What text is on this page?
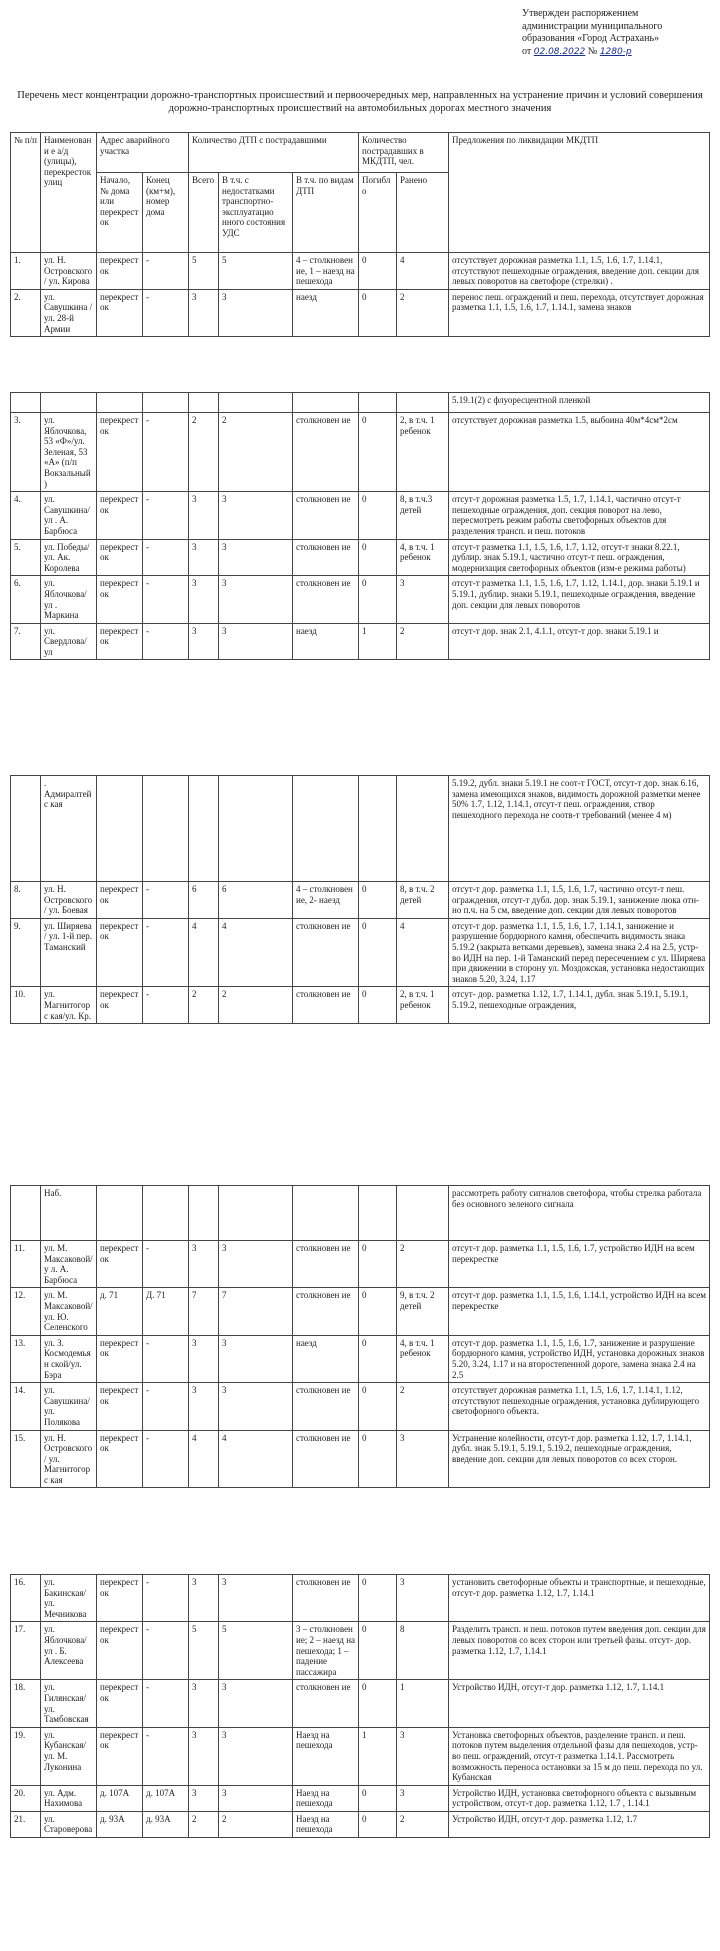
Утвержден распоряжением
администрации муниципального
образования «Город Астрахань»
от 02.08.2022 № 1280-р
Перечень мест концентрации дорожно-транспортных происшествий и первоочередных мер, направленных на устранение причин и условий совершения дорожно-транспортных происшествий на автомобильных дорогах местного значения
№ п/п	Наименовани е а/д (улицы), перекресток улиц	Адрес аварийного участка		Количество ДТП с пострадавшими			Количество пострадавших в МКДТП, чел.		Предложения по ликвидации МКДТП
		Начало, № дома или перекрест ок	Конец (км+м), номер дома	Всего	В т.ч. с недостатками транспортно-эксплуатацио нного состояния УДС	В т.ч. по видам ДТП	Погибло	Ранено	
1.	ул. Н. Островского/ ул. Кирова	перекрест ок	-	5	5	4 – столкновен ие, 1 – наезд на пешехода	0	4	отсутствует дорожная разметка 1.1, 1.5, 1.6, 1.7, 1.14.1, отсутствуют пешеходные ограждения, введение доп. секции для левых поворотов на светофоре (стрелки) .
2.	ул. Савушкина / ул. 28-й Армии	перекрест ок	-	3	3	наезд	0	2	перенос пеш. ограждений и пеш. перехода, отсутствует дорожная разметка 1.1, 1.5, 1.6, 1.7, 1.14.1, замена знаков
									5.19.1(2) с флуоресцентной пленкой
3.	ул. Яблочкова, 53 «Ф»/ул. Зеленая, 53 «А» (п/п Вокзальный)	перекрест ок	-	2	2	столкновен ие	0	2, в т.ч. 1 ребенок	отсутствует дорожная разметка 1.5, выбоина 40м*4см*2см
4.	ул. Савушкина/ул . А. Барбюса	перекрест ок	-	3	3	столкновен ие	0	8, в т.ч.3 детей	отсут-т дорожная разметка 1.5, 1.7, 1.14.1, частично отсут-т пешеходные ограждения, доп. секция поворот на лево, пересмотреть режим работы светофорных объектов для разделения трансп. и пеш. потоков
5.	ул. Победы/ул. Ак. Королева	перекрест ок	-	3	3	столкновен ие	0	4, в т.ч. 1 ребенок	отсут-т разметка 1.1, 1.5, 1.6, 1.7, 1.12, отсут-т знаки 8.22.1, дублир. знак 5.19.1, частично отсут-т пеш. ограждения, модернизация светофорных объектов (изм-е режима работы)
6.	ул. Яблочкова/ул . Маркина	перекрест ок	-	3	3	столкновен ие	0	3	отсут-т разметка 1.1, 1.5, 1.6, 1.7, 1.12, 1.14.1, дор. знаки 5.19.1 и 5.19.1, дублир. знаки 5.19.1, пешеходные ограждения, введение доп. секции для левых поворотов
7.	ул. Свердлова/ул	перекрест ок	-	3	3	наезд	1	2	отсут-т дор. знак 2.1, 4.1.1, отсут-т дор. знаки 5.19.1 и
	. Адмиралтейс кая								5.19.2, дубл. знаки 5.19.1 не соот-т ГОСТ, отсут-т дор. знак 6.16, замена имеющихся знаков, видимость дорожной разметки менее 50% 1.7, 1.12, 1.14.1, отсут-т пеш. ограждения, створ пешеходного перехода не соотв-т требований (менее 4 м)
8.	ул. Н. Островского/ ул. Боевая	перекрест ок	-	6	6	4 – столкновен ие, 2- наезд	0	8, в т.ч. 2 детей	отсут-т дор. разметка 1.1, 1.5, 1.6, 1.7, частично отсут-т пеш. ограждения, отсут-т дубл. дор. знак 5.19.1, занижение люка отн-но п.ч. на 5 см, введение доп. секции для левых поворотов
9.	ул. Ширяева / ул. 1-й пер. Таманский	перекрест ок	-	4	4	столкновен ие	0	4	отсут-т дор. разметка 1.1, 1.5, 1.6, 1.7, 1.14.1, занижение и разрушение бордюрного камня, обеспечить видимость знака 5.19.2 (закрыта ветками деревьев), замена знака 2.4 на 2.5, устр-во ИДН на пер. 1-й Таманский перед пересечением с ул. Ширяева при движении в сторону ул. Моздокская, установка недостающих знаков 5.20, 3.24, 1.17
10.	ул. Магнитогорс кая/ул. Кр.	перекрест ок	-	2	2	столкновен ие	0	2, в т.ч. 1 ребенок	отсут- дор. разметка 1.12, 1.7, 1.14.1, дубл. знак 5.19.1, 5.19.1, 5.19.2, пешеходные ограждения,
	Наб.								рассмотреть работу сигналов светофора, чтобы стрелка работала без основного зеленого сигнала
11.	ул. М. Максаковой/у л. А. Барбюса	перекрест ок	-	3	3	столкновен ие	0	2	отсут-т дор. разметка 1.1, 1.5, 1.6, 1.7, устройство ИДН на всем перекрестке
12.	ул. М. Максаковой/ ул. Ю. Селенского	д. 71	Д. 71	7	7	столкновен ие	0	9, в т.ч. 2 детей	отсут-т дор. разметка 1.1, 1.5, 1.6, 1.14.1, устройство ИДН на всем перекрестке
13.	ул. З. Космодемьян ской/ул. Бэра	перекрест ок	-	3	3	наезд	0	4, в т.ч. 1 ребенок	отсут-т дор. разметка 1.1, 1.5, 1.6, 1.7, занижение и разрушение бордюрного камня, устройство ИДН, установка дорожных знаков 5.20, 3.24, 1.17 и на второстепенной дороге, замена знака 2.4 на 2.5
14.	ул. Савушкина/ ул. Полякова	перекрест ок	-	3	3	столкновен ие	0	2	отсутствует дорожная разметка 1.1, 1.5, 1.6, 1.7, 1.14.1, 1.12, отсутствуют пешеходные ограждения, установка дублирующего светофорного объекта.
15.	ул. Н. Островского/ ул. Магнитогорс кая	перекрест ок	-	4	4	столкновен ие	0	3	Устранение колейности, отсут-т дор. разметка 1.12, 1.7, 1.14.1, дубл. знак 5.19.1, 5.19.1, 5.19.2, пешеходные ограждения, введение доп. секции для левых поворотов со всех сторон.
16.	ул. Бакинская/ул. Мечникова	перекрест ок	-	3	3	столкновен ие	0	3	установить светофорные объекты и транспортные, и пешеходные, отсут-т дор. разметка 1.12, 1.7, 1.14.1
17.	ул. Яблочкова/ул . Б. Алексеева	перекрест ок	-	5	5	3 – столкновен ие; 2 – наезд на пешехода; 1 – падение пассажира	0	8	Разделить трансп. и пеш. потоков путем введения доп. секции для левых поворотов со всех сторон или третьей фазы. отсут- дор. разметка 1.12, 1.7, 1.14.1
18.	ул. Гилянская/ул. Тамбовская	перекрест ок	-	3	3	столкновен ие	0	1	Устройство ИДН, отсут-т дор. разметка 1.12, 1.7, 1.14.1
19.	ул. Кубанская/ул. М. Луконина	перекрест ок	-	3	3	Наезд на пешехода	1	3	Установка светофорных объектов, разделение трансп. и пеш. потоков путем выделения отдельной фазы для пешеходов, устр-во пеш. ограждений, отсут-т разметка 1.14.1. Рассмотреть возможность переноса остановки за 15 м до пеш. перехода по ул. Кубанская
20.	ул. Адм. Нахимова	д. 107А	д. 107А	3	3	Наезд на пешехода	0	3	Устройство ИДН, установка светофорного объекта с вызывным устройством, отсут-т дор. разметка 1.12, 1.7 , 1.14.1
21.	ул. Староверова	д. 93А	д. 93А	2	2	Наезд на пешехода	0	2	Устройство ИДН, отсут-т дор. разметка 1.12, 1.7
